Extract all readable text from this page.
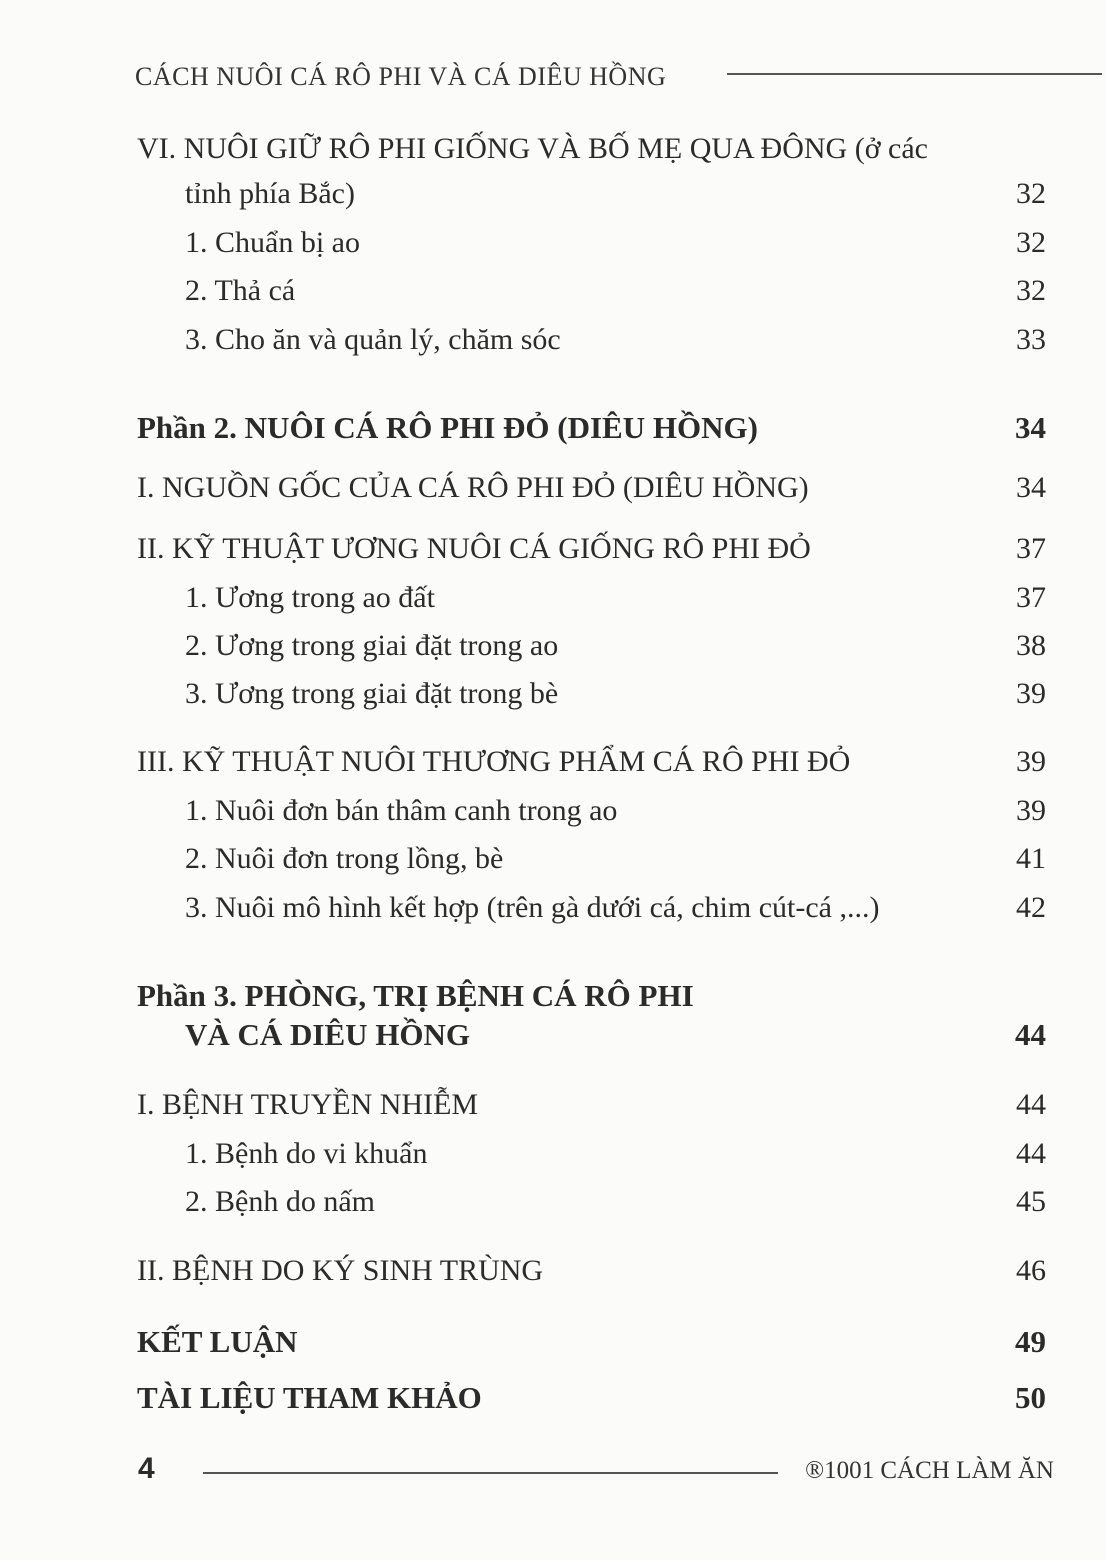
CÁCH NUÔI CÁ RÔ PHI VÀ CÁ DIÊU HỒNG
VI. NUÔI GIỮ RÔ PHI GIỐNG VÀ BỐ MẸ QUA ĐÔNG (ở các
tỉnh phía Bắc)	32
1. Chuẩn bị ao	32
2. Thả cá	32
3. Cho ăn và quản lý, chăm sóc	33
Phần 2. NUÔI CÁ RÔ PHI ĐỎ (DIÊU HỒNG)	34
I. NGUỒN GỐC CỦA CÁ RÔ PHI ĐỎ (DIÊU HỒNG)	34
II. KỸ THUẬT ƯƠNG NUÔI CÁ GIỐNG RÔ PHI ĐỎ	37
1. Ương trong ao đất	37
2. Ương trong giai đặt trong ao	38
3. Ương trong giai đặt trong bè	39
III. KỸ THUẬT NUÔI THƯƠNG PHẨM CÁ RÔ PHI ĐỎ	39
1. Nuôi đơn bán thâm canh trong ao	39
2. Nuôi đơn trong lồng, bè	41
3. Nuôi mô hình kết hợp (trên gà dưới cá, chim cút-cá ,...)	42
Phần 3. PHÒNG, TRỊ BỆNH CÁ RÔ PHI
VÀ CÁ DIÊU HỒNG	44
I. BỆNH TRUYỀN NHIỄM	44
1. Bệnh do vi khuẩn	44
2. Bệnh do nấm	45
II. BỆNH DO KÝ SINH TRÙNG	46
KẾT LUẬN	49
TÀI LIỆU THAM KHẢO	50
4	®1001 CÁCH LÀM ĂN
